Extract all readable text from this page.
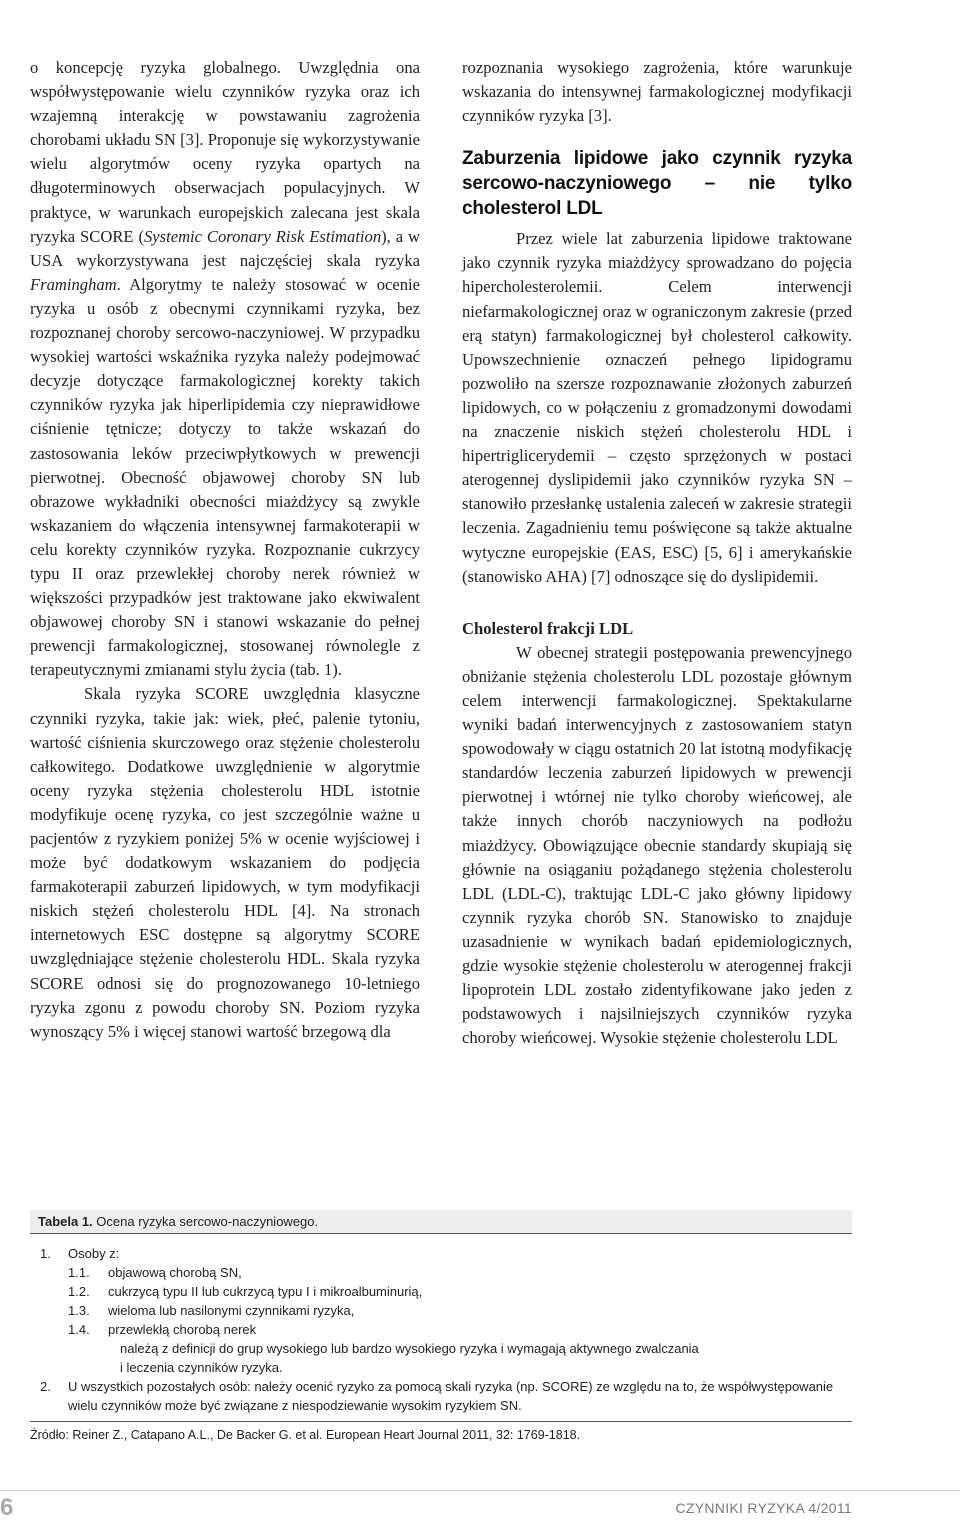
o koncepcję ryzyka globalnego. Uwzględnia ona współwystępowanie wielu czynników ryzyka oraz ich wzajemną interakcję w powstawaniu zagrożenia chorobami układu SN [3]. Proponuje się wykorzystywanie wielu algorytmów oceny ryzyka opartych na długoterminowych obserwacjach populacyjnych. W praktyce, w warunkach europejskich zalecana jest skala ryzyka SCORE (Systemic Coronary Risk Estimation), a w USA wykorzystywana jest najczęściej skala ryzyka Framingham. Algorytmy te należy stosować w ocenie ryzyka u osób z obecnymi czynnikami ryzyka, bez rozpoznanej choroby sercowo-naczyniowej. W przypadku wysokiej wartości wskaźnika ryzyka należy podejmować decyzje dotyczące farmakologicznej korekty takich czynników ryzyka jak hiperlipidemia czy nieprawidłowe ciśnienie tętnicze; dotyczy to także wskazań do zastosowania leków przeciwpłytkowych w prewencji pierwotnej. Obecność objawowej choroby SN lub obrazowe wykładniki obecności miażdżycy są zwykle wskazaniem do włączenia intensywnej farmakoterapii w celu korekty czynników ryzyka. Rozpoznanie cukrzycy typu II oraz przewlekłej choroby nerek również w większości przypadków jest traktowane jako ekwiwalent objawowej choroby SN i stanowi wskazanie do pełnej prewencji farmakologicznej, stosowanej równolegle z terapeutycznymi zmianami stylu życia (tab. 1).

Skala ryzyka SCORE uwzględnia klasyczne czynniki ryzyka, takie jak: wiek, płeć, palenie tytoniu, wartość ciśnienia skurczowego oraz stężenie cholesterolu całkowitego. Dodatkowe uwzględnienie w algorytmie oceny ryzyka stężenia cholesterolu HDL istotnie modyfikuje ocenę ryzyka, co jest szczególnie ważne u pacjentów z ryzykiem poniżej 5% w ocenie wyjściowej i może być dodatkowym wskazaniem do podjęcia farmakoterapii zaburzeń lipidowych, w tym modyfikacji niskich stężeń cholesterolu HDL [4]. Na stronach internetowych ESC dostępne są algorytmy SCORE uwzględniające stężenie cholesterolu HDL. Skala ryzyka SCORE odnosi się do prognozowanego 10-letniego ryzyka zgonu z powodu choroby SN. Poziom ryzyka wynoszący 5% i więcej stanowi wartość brzegową dla

rozpoznania wysokiego zagrożenia, które warunkuje wskazania do intensywnej farmakologicznej modyfikacji czynników ryzyka [3].

Zaburzenia lipidowe jako czynnik ryzyka sercowo-naczyniowego – nie tylko cholesterol LDL

Przez wiele lat zaburzenia lipidowe traktowane jako czynnik ryzyka miażdżycy sprowadzano do pojęcia hipercholesterolemii. Celem interwencji niefarmakologicznej oraz w ograniczonym zakresie (przed erą statyn) farmakologicznej był cholesterol całkowity. Upowszechnienie oznaczeń pełnego lipidogramu pozwoliło na szersze rozpoznawanie złożonych zaburzeń lipidowych, co w połączeniu z gromadzonymi dowodami na znaczenie niskich stężeń cholesterolu HDL i hipertriglicerydemii – często sprzężonych w postaci aterogennej dyslipidemii jako czynników ryzyka SN – stanowiło przesłankę ustalenia zaleceń w zakresie strategii leczenia. Zagadnieniu temu poświęcone są także aktualne wytyczne europejskie (EAS, ESC) [5, 6] i amerykańskie (stanowisko AHA) [7] odnoszące się do dyslipidemii.

Cholesterol frakcji LDL

W obecnej strategii postępowania prewencyjnego obniżanie stężenia cholesterolu LDL pozostaje głównym celem interwencji farmakologicznej. Spektakularne wyniki badań interwencyjnych z zastosowaniem statyn spowodowały w ciągu ostatnich 20 lat istotną modyfikację standardów leczenia zaburzeń lipidowych w prewencji pierwotnej i wtórnej nie tylko choroby wieńcowej, ale także innych chorób naczyniowych na podłożu miażdżycy. Obowiązujące obecnie standardy skupiają się głównie na osiąganiu pożądanego stężenia cholesterolu LDL (LDL-C), traktując LDL-C jako główny lipidowy czynnik ryzyka chorób SN. Stanowisko to znajduje uzasadnienie w wynikach badań epidemiologicznych, gdzie wysokie stężenie cholesterolu w aterogennej frakcji lipoprotein LDL zostało zidentyfikowane jako jeden z podstawowych i najsilniejszych czynników ryzyka choroby wieńcowej. Wysokie stężenie cholesterolu LDL

Tabela 1. Ocena ryzyka sercowo-naczyniowego.
1.	Osoby z:
1.1.	objawową chorobą SN,
1.2.	cukrzycą typu II lub cukrzycą typu I i mikroalbuminurią,
1.3.	wieloma lub nasilonymi czynnikami ryzyka,
1.4.	przewlekłą chorobą nerek
należą z definicji do grup wysokiego lub bardzo wysokiego ryzyka i wymagają aktywnego zwalczania
i leczenia czynników ryzyka.
2.	U wszystkich pozostałych osób: należy ocenić ryzyko za pomocą skali ryzyka (np. SCORE) ze względu na to, że współwystępowanie wielu czynników może być związane z niespodziewanie wysokim ryzykiem SN.
Źródło: Reiner Z., Catapano A.L., De Backer G. et al. European Heart Journal 2011, 32: 1769-1818.
6	CZYNNIKI RYZYKA 4/2011
